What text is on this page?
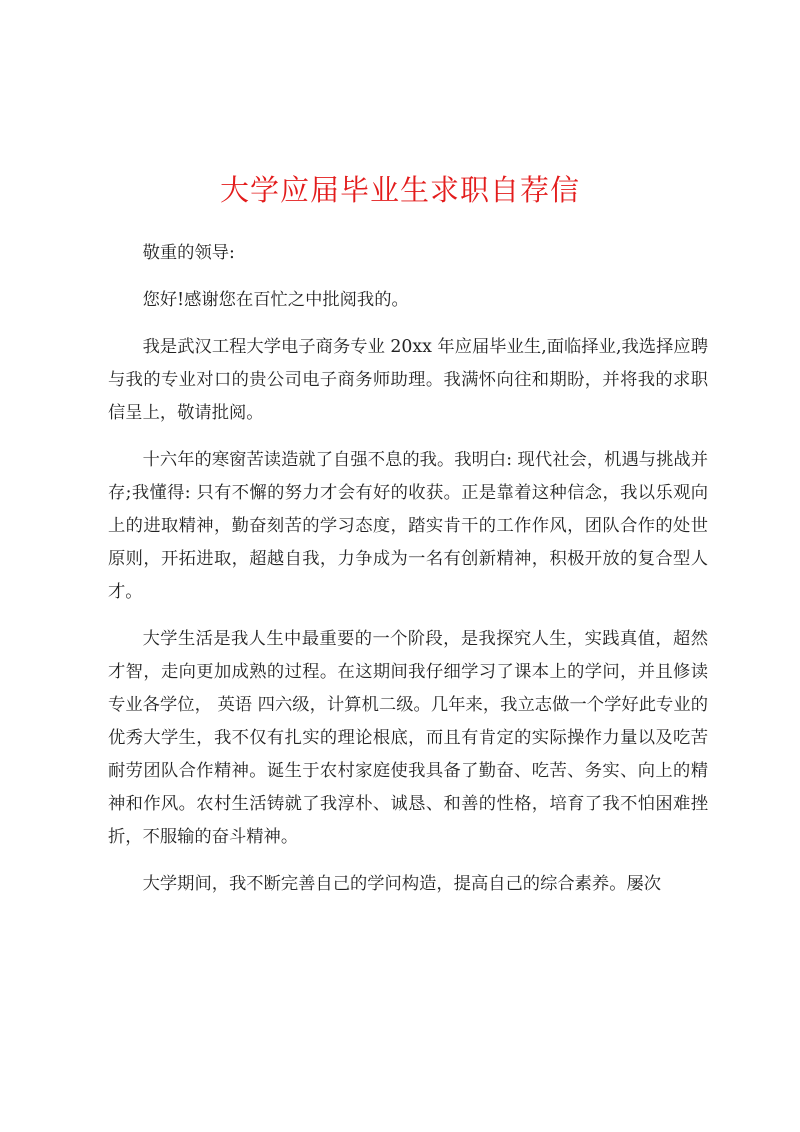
大学应届毕业生求职自荐信

敬重的领导:

您好!感谢您在百忙之中批阅我的。

我是武汉工程大学电子商务专业 20xx 年应届毕业生,面临择业,我选择应聘与我的专业对口的贵公司电子商务师助理。我满怀向往和期盼，并将我的求职信呈上，敬请批阅。

十六年的寒窗苦读造就了自强不息的我。我明白: 现代社会，机遇与挑战并存;我懂得: 只有不懈的努力才会有好的收获。正是靠着这种信念，我以乐观向上的进取精神，勤奋刻苦的学习态度，踏实肯干的工作作风，团队合作的处世原则，开拓进取，超越自我，力争成为一名有创新精神，积极开放的复合型人才。

大学生活是我人生中最重要的一个阶段，是我探究人生，实践真值，超然才智，走向更加成熟的过程。在这期间我仔细学习了课本上的学问，并且修读专业各学位， 英语 四六级，计算机二级。几年来，我立志做一个学好此专业的优秀大学生，我不仅有扎实的理论根底，而且有肯定的实际操作力量以及吃苦耐劳团队合作精神。诞生于农村家庭使我具备了勤奋、吃苦、务实、向上的精神和作风。农村生活铸就了我淳朴、诚恳、和善的性格，培育了我不怕困难挫折，不服输的奋斗精神。

大学期间，我不断完善自己的学问构造，提高自己的综合素养。屡次
